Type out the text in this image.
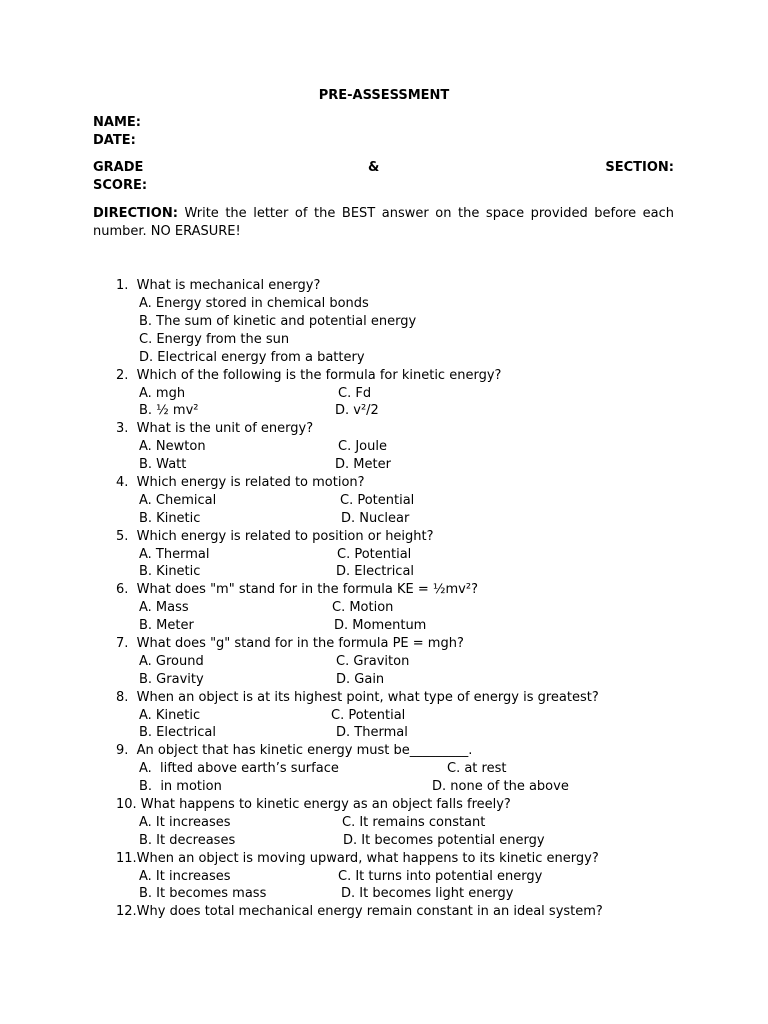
PRE-ASSESSMENT
NAME:
DATE:
GRADE	&	SECTION:
SCORE:
DIRECTION: Write the letter of the BEST answer on the space provided before each number. NO ERASURE!
1.  What is mechanical energy?
A. Energy stored in chemical bonds
B. The sum of kinetic and potential energy
C. Energy from the sun
D. Electrical energy from a battery
2.  Which of the following is the formula for kinetic energy?
A. mgh	C. Fd
B. ½ mv²	D. v²/2
3.  What is the unit of energy?
A. Newton	C. Joule
B. Watt	D. Meter
4.  Which energy is related to motion?
A. Chemical	C. Potential
B. Kinetic	D. Nuclear
5.  Which energy is related to position or height?
A. Thermal	C. Potential
B. Kinetic	D. Electrical
6.  What does "m" stand for in the formula KE = ½mv²?
A. Mass	C. Motion
B. Meter	D. Momentum
7.  What does "g" stand for in the formula PE = mgh?
A. Ground	C. Graviton
B. Gravity	D. Gain
8.  When an object is at its highest point, what type of energy is greatest?
A. Kinetic	C. Potential
B. Electrical	D. Thermal
9.  An object that has kinetic energy must be_________.
A.  lifted above earth’s surface	C. at rest
B.  in motion	D. none of the above
10. What happens to kinetic energy as an object falls freely?
A. It increases	C. It remains constant
B. It decreases	D. It becomes potential energy
11.When an object is moving upward, what happens to its kinetic energy?
A. It increases	C. It turns into potential energy
B. It becomes mass	D. It becomes light energy
12.Why does total mechanical energy remain constant in an ideal system?
